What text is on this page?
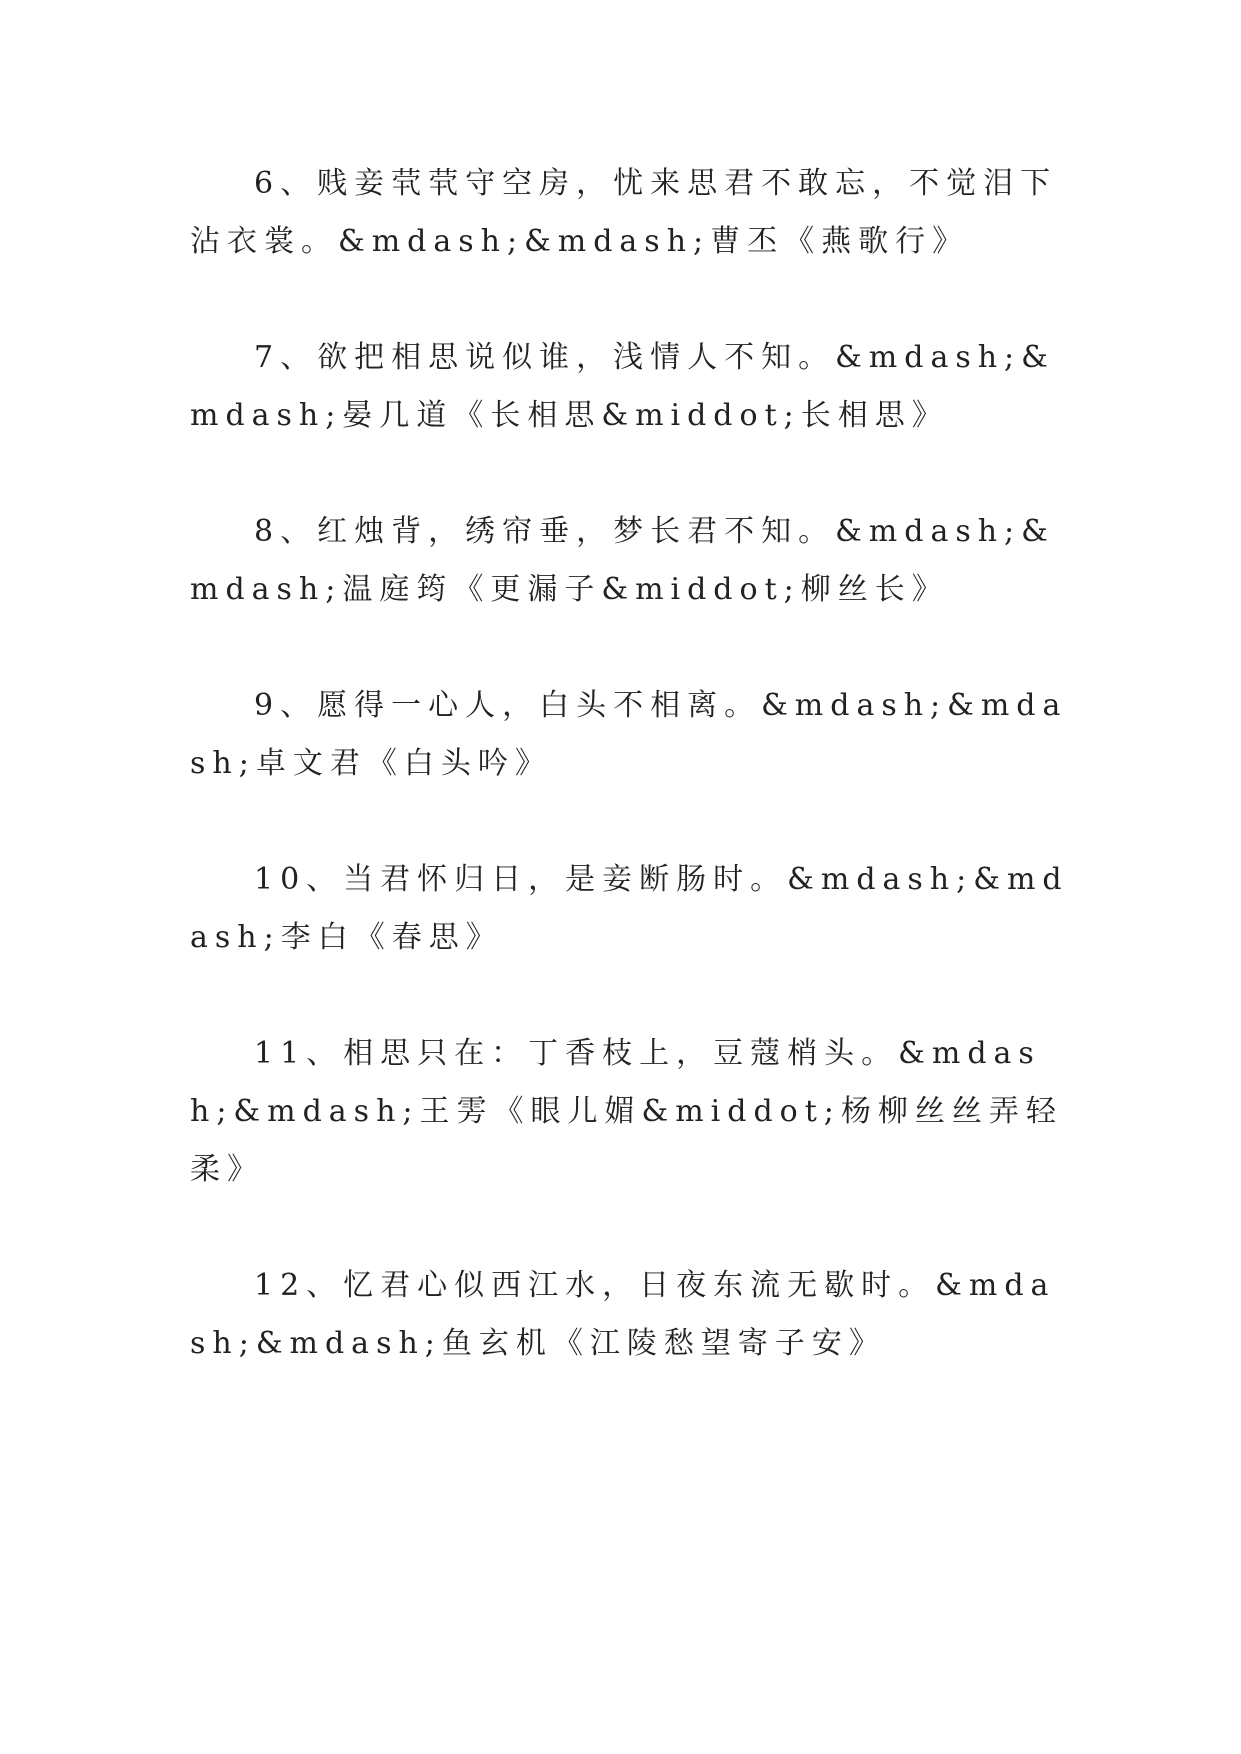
6、贱妾茕茕守空房，忧来思君不敢忘，不觉泪下沾衣裳。&mdash;&mdash;曹丕《燕歌行》

7、欲把相思说似谁，浅情人不知。&mdash;&mdash;晏几道《长相思&middot;长相思》

8、红烛背，绣帘垂，梦长君不知。&mdash;&mdash;温庭筠《更漏子&middot;柳丝长》

9、愿得一心人，白头不相离。&mdash;&mdash;卓文君《白头吟》

10、当君怀归日，是妾断肠时。&mdash;&mdash;李白《春思》

11、相思只在：丁香枝上，豆蔻梢头。&mdash;&mdash;王雱《眼儿媚&middot;杨柳丝丝弄轻柔》

12、忆君心似西江水，日夜东流无歇时。&mdash;&mdash;鱼玄机《江陵愁望寄子安》
